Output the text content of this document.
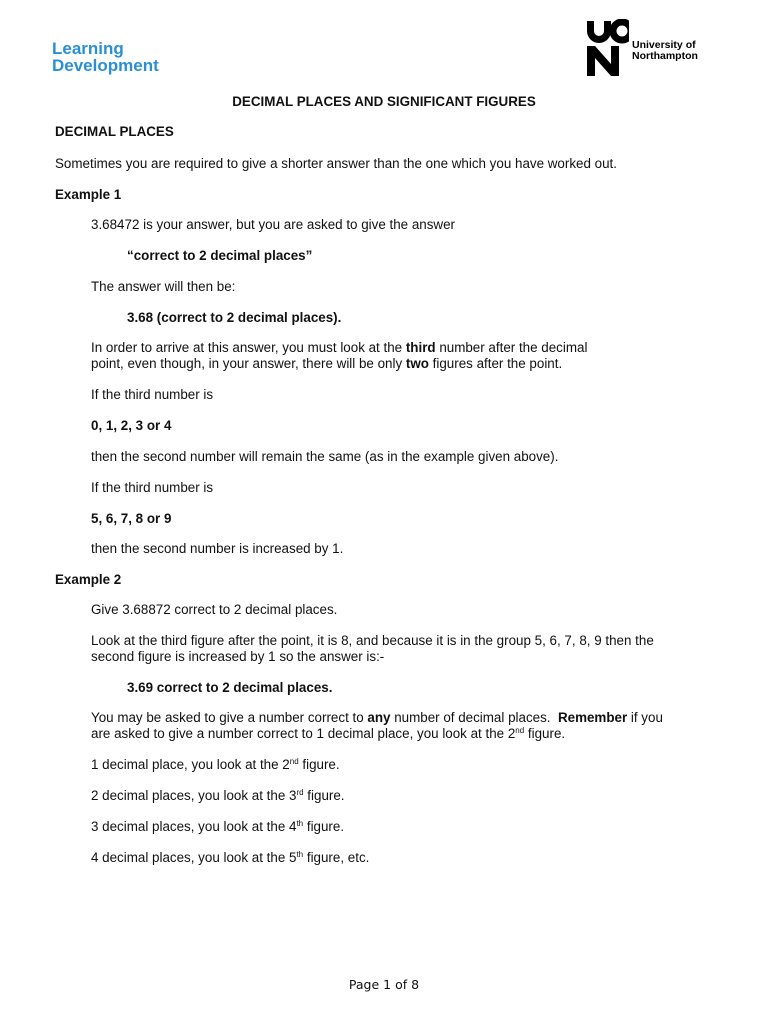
Learning
Development
University of
Northampton
DECIMAL PLACES AND SIGNIFICANT FIGURES
DECIMAL PLACES
Sometimes you are required to give a shorter answer than the one which you have worked out.
Example 1
3.68472 is your answer, but you are asked to give the answer
“correct to 2 decimal places”
The answer will then be:
3.68 (correct to 2 decimal places).
In order to arrive at this answer, you must look at the third number after the decimal
point, even though, in your answer, there will be only two figures after the point.
If the third number is
0, 1, 2, 3 or 4
then the second number will remain the same (as in the example given above).
If the third number is
5, 6, 7, 8 or 9
then the second number is increased by 1.
Example 2
Give 3.68872 correct to 2 decimal places.
Look at the third figure after the point, it is 8, and because it is in the group 5, 6, 7, 8, 9 then the
second figure is increased by 1 so the answer is:-
3.69 correct to 2 decimal places.
You may be asked to give a number correct to any number of decimal places.  Remember if you
are asked to give a number correct to 1 decimal place, you look at the 2nd figure.
1 decimal place, you look at the 2nd figure.
2 decimal places, you look at the 3rd figure.
3 decimal places, you look at the 4th figure.
4 decimal places, you look at the 5th figure, etc.
Page 1 of 8
